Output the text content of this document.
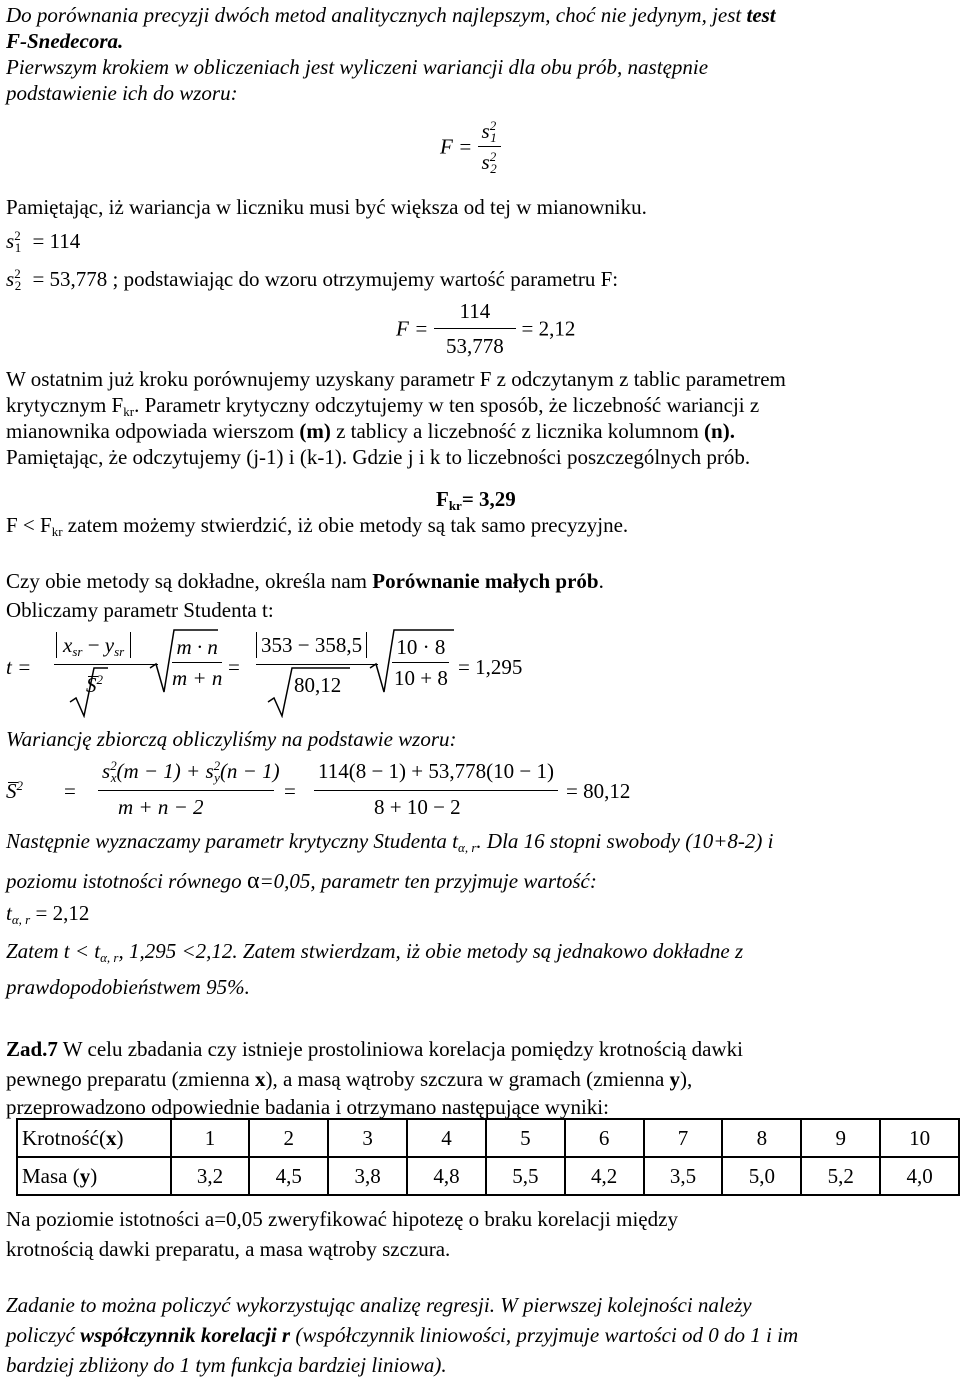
Do porównania precyzji dwóch metod analitycznych najlepszym, choć nie jedynym, jest test
F-Snedecora.
Pierwszym krokiem w obliczeniach jest wyliczeni wariancji dla obu prób, następnie
podstawienie ich do wzoru:
$F = \frac{s^2_1}{s^2_2}$
Pamiętając, iż wariancja w liczniku musi być większa od tej w mianowniku.
$s^2_1 = 114$
$s^2_2 = 53,778$ ; podstawiając do wzoru otrzymujemy wartość parametru F:
$F = \frac{114}{53,778} = 2,12$
W ostatnim już kroku porównujemy uzyskany parametr F z odczytanym z tablic parametrem
krytycznym $F_{kr}$. Parametr krytyczny odczytujemy w ten sposób, że liczebność wariancji z
mianownika odpowiada wierszom (m) z tablicy a liczebność z licznika kolumnom (n).
Pamiętając, że odczytujemy (j-1) i (k-1). Gdzie j i k to liczebności poszczególnych prób.
$F_{kr}= 3,29$
$F < F_{kr}$ zatem możemy stwierdzić, iż obie metody są tak samo precyzyjne.
Czy obie metody są dokładne, określa nam Porównanie małych prób.
Obliczamy parametr Studenta t:
t =
$x_{sr} - y_{sr}$
$S^2$	$\frac{m \cdot n}{m + n}$ =
353 − 358,5
$80,12 \frac{10 \cdot 8}{10 + 8} = 1,295$
Wariancję zbiorczą obliczyliśmy na podstawie wzoru:
$S^2$ =
$s^2_x(m - 1) + s^2_y(n - 1)$
m + n − 2
=
114(8 − 1) + 53,778(10 − 1)
8 + 10 − 2
= 80,12
Następnie wyznaczamy parametr krytyczny Studenta $t_{\alpha, r}$. Dla 16 stopni swobody (10+8-2) i
poziomu istotności równego α=0,05, parametr ten przyjmuje wartość:
$t_{\alpha, r} = 2,12$
Zatem $t < t_{\alpha, r}$, 1,295 <2,12. Zatem stwierdzam, iż obie metody są jednakowo dokładne z
prawdopodobieństwem 95%.
Zad.7 W celu zbadania czy istnieje prostoliniowa korelacja pomiędzy krotnością dawki
pewnego preparatu (zmienna x), a masą wątroby szczura w gramach (zmienna y),
przeprowadzono odpowiednie badania i otrzymano następujące wyniki:
Krotność(x)	1	2	3	4	5	6	7	8	9	10
Masa (y)	3,2	4,5	3,8	4,8	5,5	4,2	3,5	5,0	5,2	4,0
Na poziomie istotności a=0,05 zweryfikować hipotezę o braku korelacji między
krotnością dawki preparatu, a masa wątroby szczura.
Zadanie to można policzyć wykorzystując analizę regresji. W pierwszej kolejności należy
policzyć współczynnik korelacji r (współczynnik liniowości, przyjmuje wartości od 0 do 1 i im
bardziej zbliżony do 1 tym funkcja bardziej liniowa).
